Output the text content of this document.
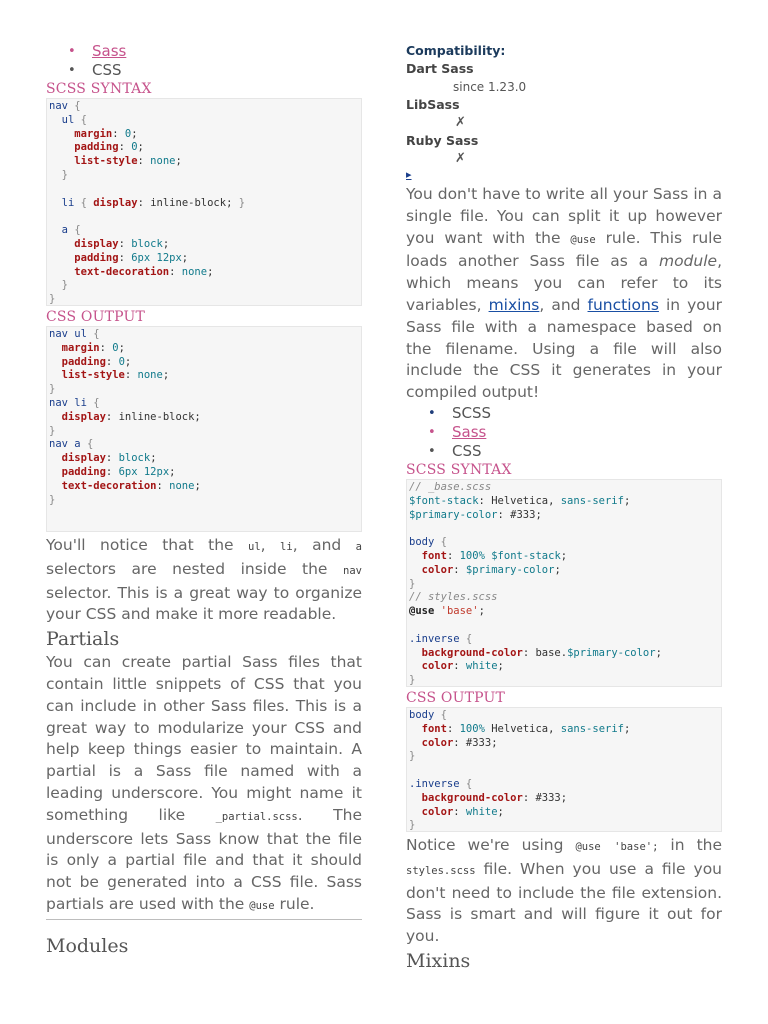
• Sass
• CSS
SCSS SYNTAX
nav {
ul {
margin: 0;
padding: 0;
list-style: none;
}

li { display: inline-block; }

a {
display: block;
padding: 6px 12px;
text-decoration: none;
}
}
CSS OUTPUT
nav ul {
margin: 0;
padding: 0;
list-style: none;
}
nav li {
display: inline-block;
}
nav a {
display: block;
padding: 6px 12px;
text-decoration: none;
}

You'll notice that the ul, li, and a selectors are nested inside the nav selector. This is a great way to organize your CSS and make it more readable.

Partials

You can create partial Sass files that contain little snippets of CSS that you can include in other Sass files. This is a great way to modularize your CSS and help keep things easier to maintain. A partial is a Sass file named with a leading underscore. You might name it something like _partial.scss. The underscore lets Sass know that the file is only a partial file and that it should not be generated into a CSS file. Sass partials are used with the @use rule.

Modules
Compatibility:
Dart Sass
since 1.23.0
LibSass
✗
Ruby Sass
✗
▸

You don't have to write all your Sass in a single file. You can split it up however you want with the @use rule. This rule loads another Sass file as a module, which means you can refer to its variables, mixins, and functions in your Sass file with a namespace based on the filename. Using a file will also include the CSS it generates in your compiled output!

• SCSS
• Sass
• CSS
SCSS SYNTAX
// _base.scss
$font-stack: Helvetica, sans-serif;
$primary-color: #333;

body {
font: 100% $font-stack;
color: $primary-color;
}
// styles.scss
@use 'base';

.inverse {
background-color: base.$primary-color;
color: white;
}
CSS OUTPUT
body {
font: 100% Helvetica, sans-serif;
color: #333;
}

.inverse {
background-color: #333;
color: white;
}

Notice we're using @use 'base'; in the styles.scss file. When you use a file you don't need to include the file extension. Sass is smart and will figure it out for you.

Mixins
